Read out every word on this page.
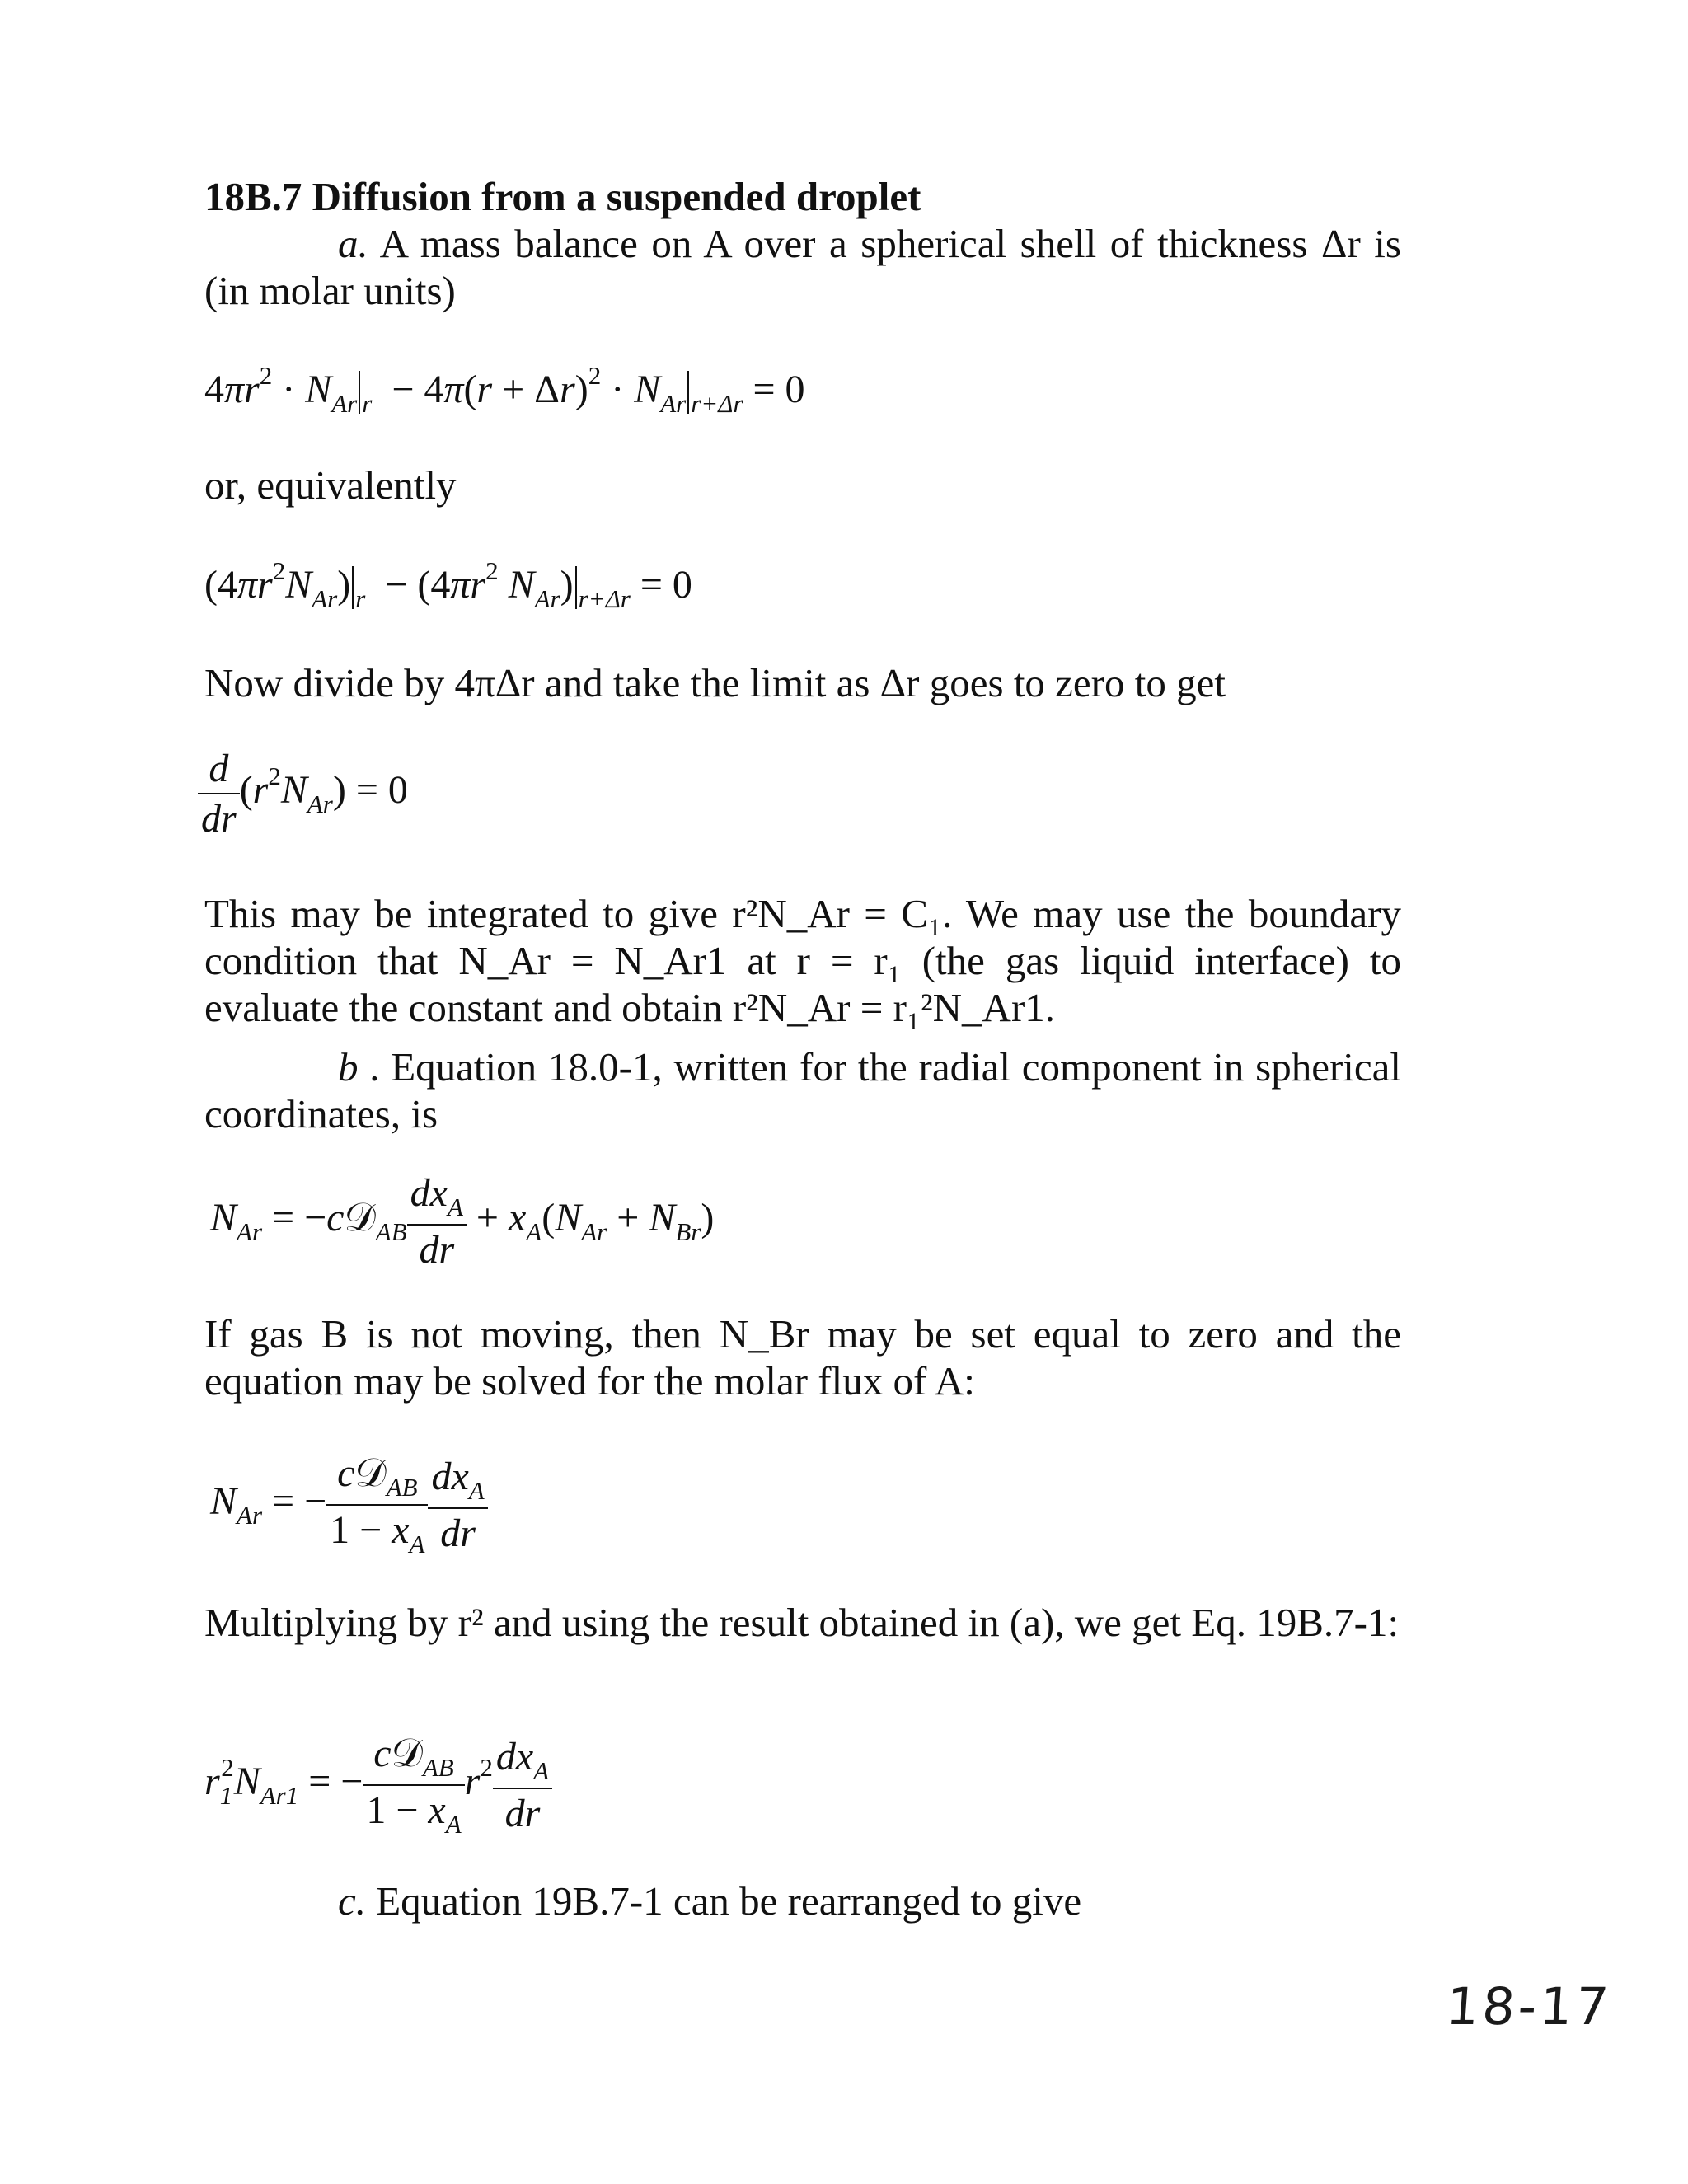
18B.7 Diffusion from a suspended droplet
a. A mass balance on A over a spherical shell of thickness Δr is (in molar units)
$4\pi r^2 \cdot N_{Ar}$ $_r - 4\pi(r + \Delta r)^2 \cdot N_{Ar}$ $_{r+\Delta r}$ = 0
or, equivalently
$(4\pi r^2N_{Ar}) _r - (4\pi r^2$ $N_{Ar}$) $_{r+\Delta r}$ = 0
Now divide by 4πΔr and take the limit as Δr goes to zero to get
$\frac{d}{dr} (r^2N_{Ar}) = 0$
This may be integrated to give r²N_Ar = C₁. We may use the boundary condition that N_Ar = N_Ar1 at r = r₁ (the gas liquid interface) to evaluate the constant and obtain r²N_Ar = r₁²N_Ar1.
b . Equation 18.0-1, written for the radial component in spherical coordinates, is
$N_{Ar}$ = −c𝒟$_{AB}$ $\frac{dx_A}{dr} + x_A(N_{Ar} + N_{Br})$
If gas B is not moving, then N_Br may be set equal to zero and the equation may be solved for the molar flux of A:
$N_{Ar}$ = − $\frac{c𝒟_{AB}}{1 - x_A} \frac{dx_A}{dr}$
Multiplying by r² and using the result obtained in (a), we get Eq. 19B.7-1:
$r_1^2N_{Ar1}$ = − $\frac{c𝒟_{AB}}{1 - x_A} r^2 \frac{dx_A}{dr}$
c. Equation 19B.7-1 can be rearranged to give
18-17
